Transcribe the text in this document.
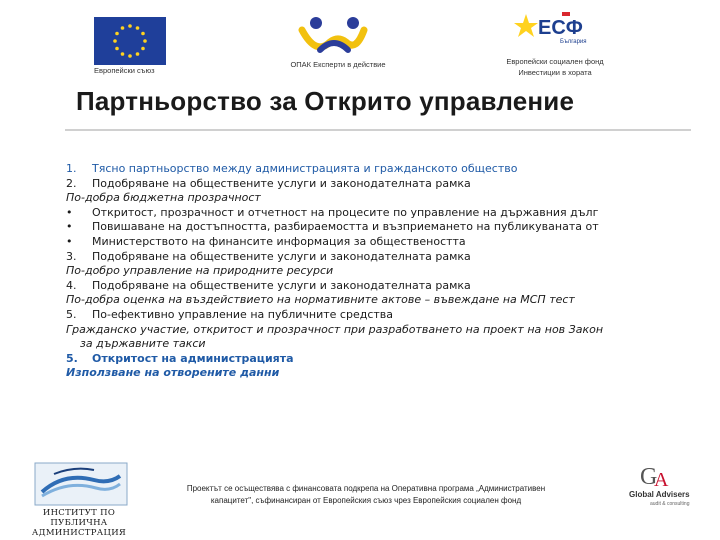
Европейски съюз
ОПАК Експерти в действие
ЕСФ
България
Европейски социален фонд
Инвестиции в хората
Партньорство за Открито управление
1. Тясно партньорство между администрацията и гражданското общество
2. Подобряване на обществените услуги и законодателната рамка
По-добра бюджетна прозрачност
• Откритост, прозрачност и отчетност на процесите по управление на държавния дълг
• Повишаване на достъпността, разбираемостта и възприемането на публикуваната от
• Министерството на финансите информация за обществеността
3. Подобряване на обществените услуги и законодателната рамка
По-добро управление на природните ресурси
4. Подобряване на обществените услуги и законодателната рамка
По-добра оценка на въздействието на нормативните актове – въвеждане на МСП тест
5. По-ефективно управление на публичните средства
Гражданско участие, откритост и прозрачност при разработването на проект на нов Закон
за държавните такси
5. Откритост на администрацията
Използване на отворените данни
ИНСТИТУТ ПО ПУБЛИЧНА
АДМИНИСТРАЦИЯ
Проектът се осъществява с финансовата подкрепа на Оперативна програма „Административен
капацитет", съфинансиран от Европейския съюз чрез Европейския социален фонд
G
A
Global Advisers
audit & consulting
